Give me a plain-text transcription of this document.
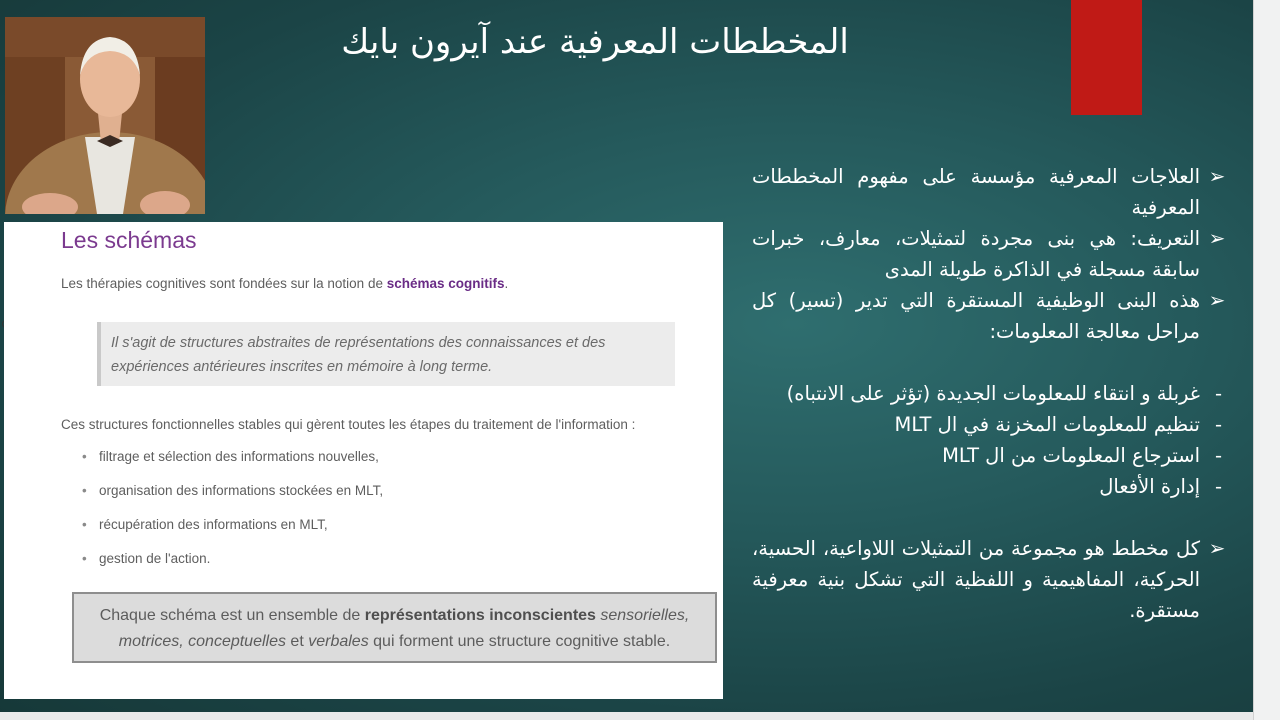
المخططات المعرفية عند آيرون بايك
Les schémas
Les thérapies cognitives sont fondées sur la notion de schémas cognitifs.
Il s'agit de structures abstraites de représentations des connaissances et des
expériences antérieures inscrites en mémoire à long terme.
Ces structures fonctionnelles stables qui gèrent toutes les étapes du traitement de l'information :
• filtrage et sélection des informations nouvelles,
• organisation des informations stockées en MLT,
• récupération des informations en MLT,
• gestion de l'action.
Chaque schéma est un ensemble de représentations inconscientes sensorielles,
motrices, conceptuelles et verbales qui forment une structure cognitive stable.
➢
العلاجات المعرفية مؤسسة على مفهوم المخططات المعرفية
➢
التعريف: هي بنى مجردة لتمثيلات، معارف، خبرات سابقة مسجلة في الذاكرة طويلة المدى
➢
هذه البنى الوظيفية المستقرة التي تدير (تسير) كل مراحل معالجة المعلومات:
-
غربلة و انتقاء للمعلومات الجديدة (تؤثر على الانتباه)
-
تنظيم للمعلومات المخزنة في ال MLT
-
استرجاع المعلومات من ال MLT
-
إدارة الأفعال
➢
كل مخطط هو مجموعة من التمثيلات اللاواعية، الحسية، الحركية، المفاهيمية و اللفظية التي تشكل بنية معرفية مستقرة.
